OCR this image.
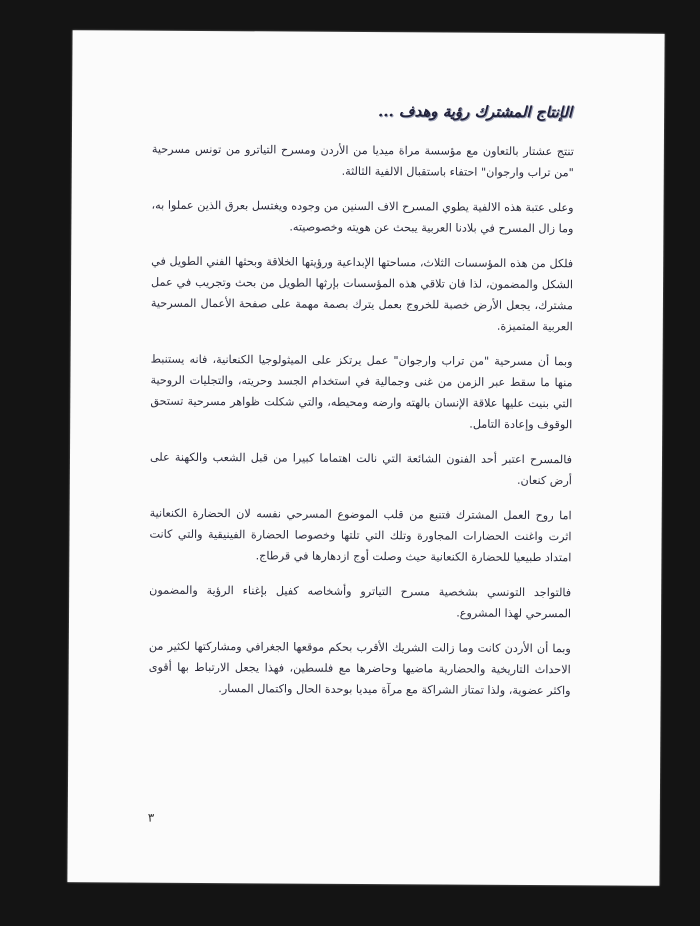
الإنتاج المشترك رؤية وهدف ...

تنتج عشتار بالتعاون مع مؤسسة مراة ميديا من الأردن ومسرح التياترو من تونس مسرحية "من تراب وارجوان" احتفاء باستقبال الالفية الثالثة.

وعلى عتبة هذه الالفية يطوي المسرح الاف السنين من وجوده ويغتسل بعرق الذين عملوا به، وما زال المسرح في بلادنا العربية يبحث عن هويته وخصوصيته.

فلكل من هذه المؤسسات الثلاث، مساحتها الإبداعية ورؤيتها الخلاقة وبحثها الفني الطويل في الشكل والمضمون، لذا فان تلاقي هذه المؤسسات بإرثها الطويل من بحث وتجريب في عمل مشترك، يجعل الأرض خصبة للخروج بعمل يترك بصمة مهمة على صفحة الأعمال المسرحية العربية المتميزة.

وبما أن مسرحية "من تراب وارجوان" عمل يرتكز على الميثولوجيا الكنعانية، فانه يستنبط منها ما سقط عبر الزمن من غنى وجمالية في استخدام الجسد وحريته، والتجليات الروحية التي بنيت عليها علاقة الإنسان بالهته وارضه ومحيطه، والتي شكلت ظواهر مسرحية تستحق الوقوف وإعادة التامل.

فالمسرح اعتبر أحد الفنون الشائعة التي نالت اهتماما كبيرا من قبل الشعب والكهنة على أرض كنعان.

اما روح العمل المشترك فتنبع من قلب الموضوع المسرحي نفسه لان الحضارة الكنعانية اثرت واغنت الحضارات المجاورة وتلك التي تلتها وخصوصا الحضارة الفينيقية والتي كانت امتداد طبيعيا للحضارة الكنعانية حيث وصلت أوج ازدهارها في قرطاج.

فالتواجد التونسي بشخصية مسرح التياترو وأشخاصه كفيل بإغناء الرؤية والمضمون المسرحي لهذا المشروع.

وبما أن الأردن كانت وما زالت الشريك الأقرب بحكم موقعها الجغرافي ومشاركتها لكثير من الاحداث التاريخية والحضارية ماضيها وحاضرها مع فلسطين، فهذا يجعل الارتباط بها أقوى واكثر عضوية، ولذا تمتاز الشراكة مع مرآة ميديا بوحدة الحال واكتمال المسار.

٣
